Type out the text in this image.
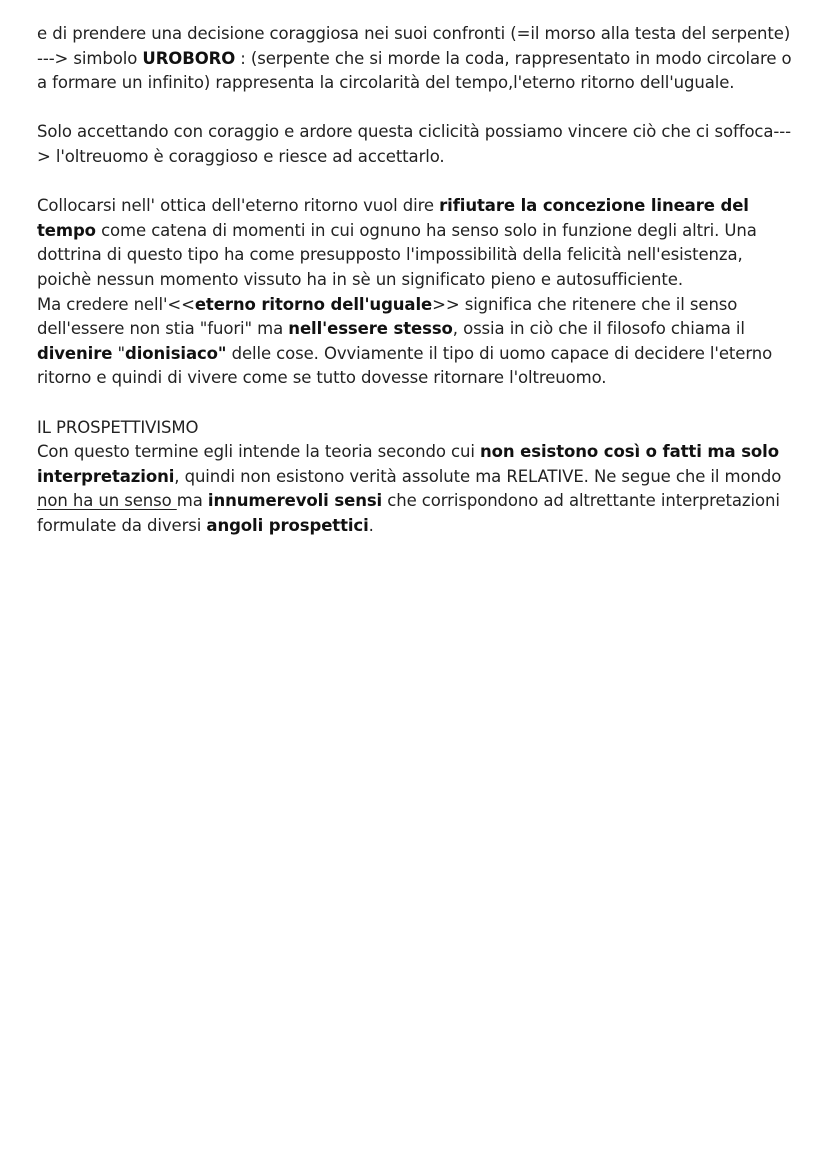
e di prendere una decisione coraggiosa nei suoi confronti (=il morso alla testa del serpente) ---> simbolo UROBORO : (serpente che si morde la coda, rappresentato in modo circolare o a formare un infinito) rappresenta la circolarità del tempo,l'eterno ritorno dell'uguale.

Solo accettando con coraggio e ardore questa ciclicità possiamo vincere ciò che ci soffoca---> l'oltreuomo è coraggioso e riesce ad accettarlo.

Collocarsi nell' ottica dell'eterno ritorno vuol dire rifiutare la concezione lineare del tempo come catena di momenti in cui ognuno ha senso solo in funzione degli altri. Una dottrina di questo tipo ha come presupposto l'impossibilità della felicità nell'esistenza, poichè nessun momento vissuto ha in sè un significato pieno e autosufficiente.

Ma credere nell'<<eterno ritorno dell'uguale>> significa che ritenere che il senso dell'essere non stia "fuori" ma nell'essere stesso, ossia in ciò che il filosofo chiama il divenire "dionisiaco" delle cose. Ovviamente il tipo di uomo capace di decidere l'eterno ritorno e quindi di vivere come se tutto dovesse ritornare l'oltreuomo.

IL PROSPETTIVISMO

Con questo termine egli intende la teoria secondo cui non esistono così o fatti ma solo interpretazioni, quindi non esistono verità assolute ma RELATIVE. Ne segue che il mondo non ha un senso ma innumerevoli sensi che corrispondono ad altrettante interpretazioni formulate da diversi angoli prospettici.
